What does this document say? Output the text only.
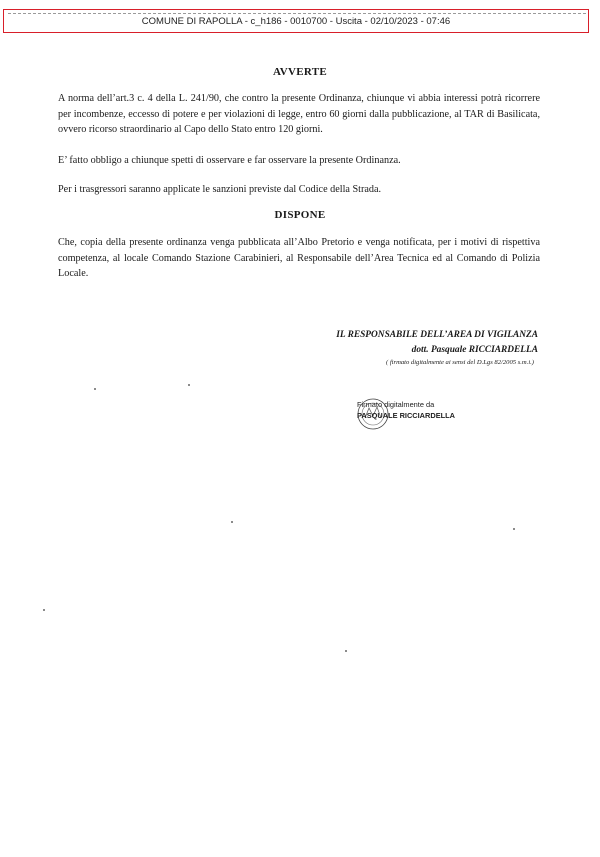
COMUNE DI RAPOLLA - c_h186 - 0010700 - Uscita - 02/10/2023 - 07:46
AVVERTE
A norma dell’art.3 c. 4 della L. 241/90, che contro la presente Ordinanza, chiunque vi abbia interessi potrà ricorrere per incombenze, eccesso di potere e per violazioni di legge, entro 60 giorni dalla pubblicazione, al TAR di Basilicata, ovvero ricorso straordinario al Capo dello Stato entro 120 giorni.
E’ fatto obbligo a chiunque spetti di osservare e far osservare la presente Ordinanza.
Per i trasgressori saranno applicate le sanzioni previste dal Codice della Strada.
DISPONE
Che, copia della presente ordinanza venga pubblicata all’Albo Pretorio e venga notificata, per i motivi di rispettiva competenza, al locale Comando Stazione Carabinieri, al Responsabile dell’Area Tecnica ed al Comando di Polizia Locale.
IL RESPONSABILE DELL’AREA DI VIGILANZA
dott. Pasquale RICCIARDELLA
( firmato digitalmente ai sensi del D.Lgs 82/2005 s.m.i.)
Firmato digitalmente da
PASQUALE RICCIARDELLA
